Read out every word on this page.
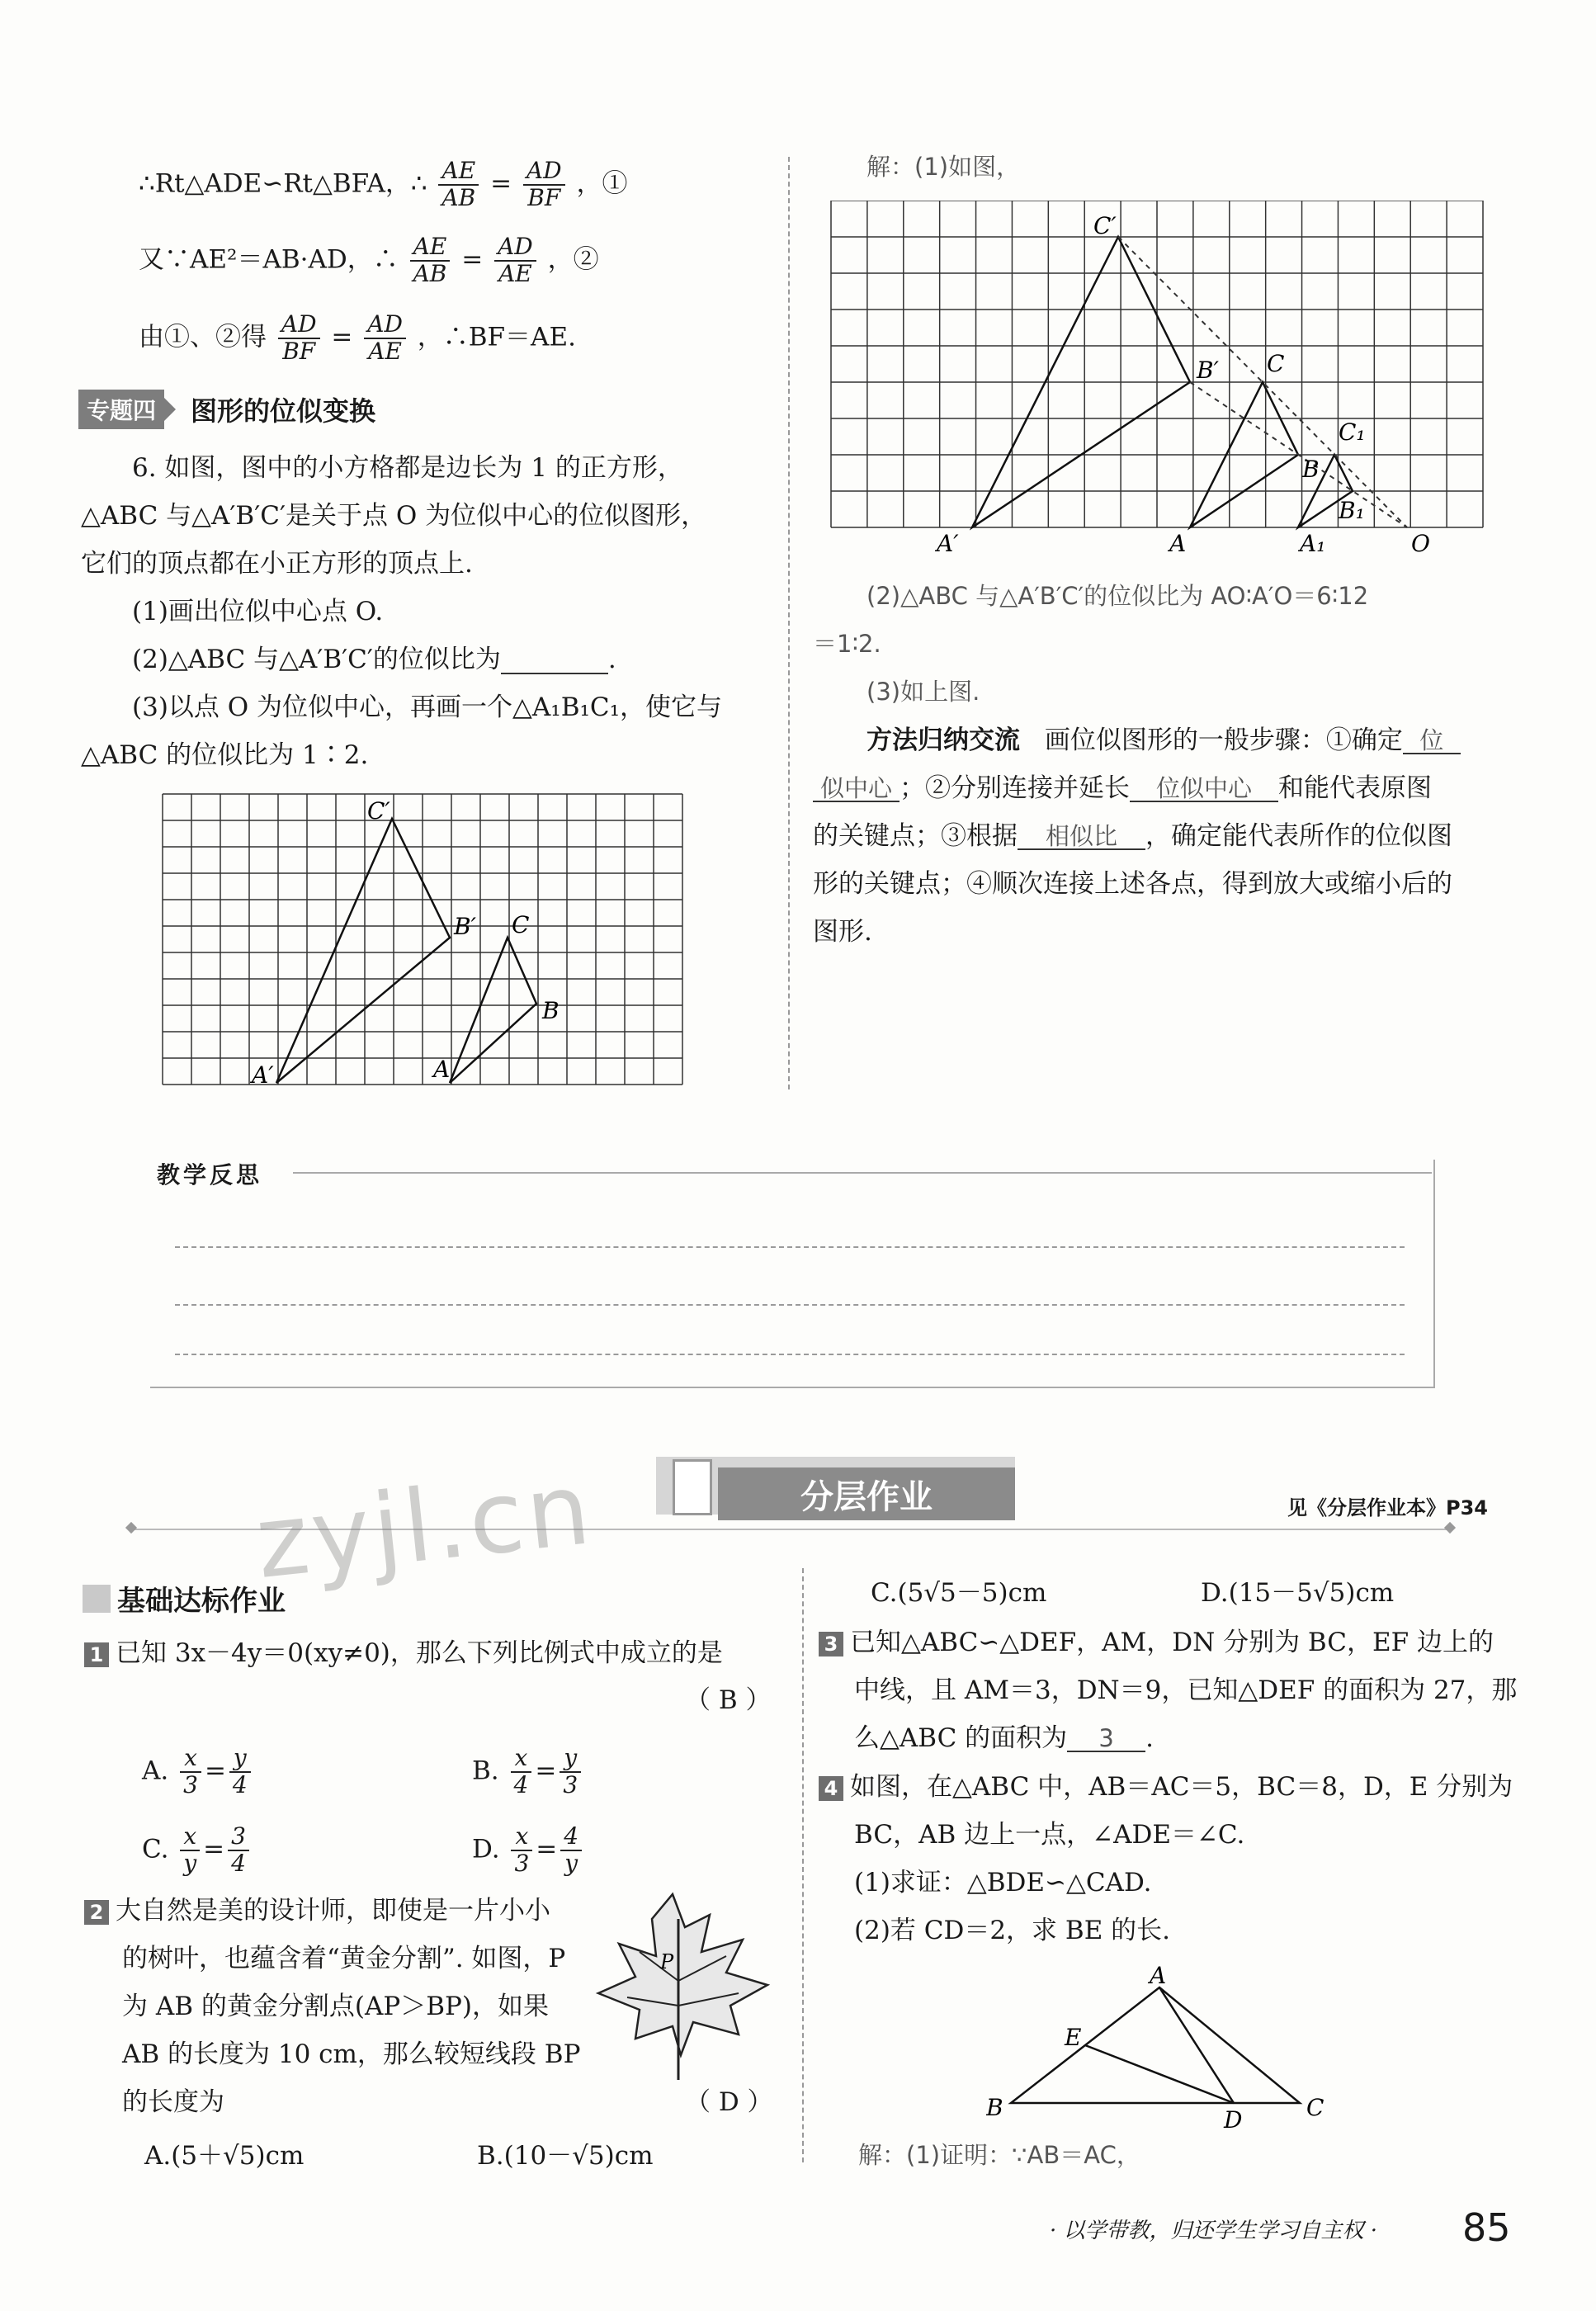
∴Rt△ADE∽Rt△BFA，∴ $\frac{AE}{AB} = \frac{AD}{BF}$ ，①
又∵AE²＝AB·AD，∴ $\frac{AE}{AB} = \frac{AD}{AE}$ ，②
由①、②得 $\frac{AD}{BF} = \frac{AD}{AE}$ ，∴BF＝AE.
专题四	图形的位似变换
6. 如图，图中的小方格都是边长为 1 的正方形，
△ABC 与△A′B′C′是关于点 O 为位似中心的位似图形，
它们的顶点都在小正方形的顶点上.
(1)画出位似中心点 O.
(2)△ABC 与△A′B′C′的位似比为	.
(3)以点 O 为位似中心，再画一个△A₁B₁C₁，使它与
△ABC 的位似比为 1∶2.
C′
B′ C
B
A′	A
解：(1)如图，
C′
B′ C
C₁
B
B₁
A′	A	A₁	O
(2)△ABC 与△A′B′C′的位似比为 AO∶A′O＝6∶12
＝1∶2.
(3)如上图.
方法归纳交流 画位似图形的一般步骤：①确定 位
似中心 ；②分别连接并延长 位似中心 和能代表原图
的关键点；③根据 相似比 ，确定能代表所作的位似图
形的关键点；④顺次连接上述各点，得到放大或缩小后的
图形.
教学反思
分层作业	见《分层作业本》P34
zyjl.cn
基础达标作业
1 已知 3x－4y＝0(xy≠0)，那么下列比例式中成立的是
（ B ）
A. $\frac{x}{3} = \frac{y}{4}$	B. $\frac{x}{4} = \frac{y}{3}$
C. $\frac{x}{y} = \frac{3}{4}$	D. $\frac{x}{3} = \frac{4}{y}$
2 大自然是美的设计师，即使是一片小小
的树叶，也蕴含着“黄金分割”. 如图，P
为 AB 的黄金分割点(AP＞BP)，如果
AB 的长度为 10 cm，那么较短线段 BP
的长度为	（ D ）
A.(5＋√5)cm	B.(10－√5)cm
P
C.(5√5－5)cm	D.(15－5√5)cm
3 已知△ABC∽△DEF，AM，DN 分别为 BC，EF 边上的
中线，且 AM＝3，DN＝9，已知△DEF 的面积为 27，那
么△ABC 的面积为 3 .
4 如图，在△ABC 中，AB＝AC＝5，BC＝8，D，E 分别为
BC，AB 边上一点，∠ADE＝∠C.
(1)求证：△BDE∽△CAD.
(2)若 CD＝2，求 BE 的长.
A
E
B	D	C
解：(1)证明：∵AB＝AC，
· 以学带教，归还学生学习自主权 · 85
